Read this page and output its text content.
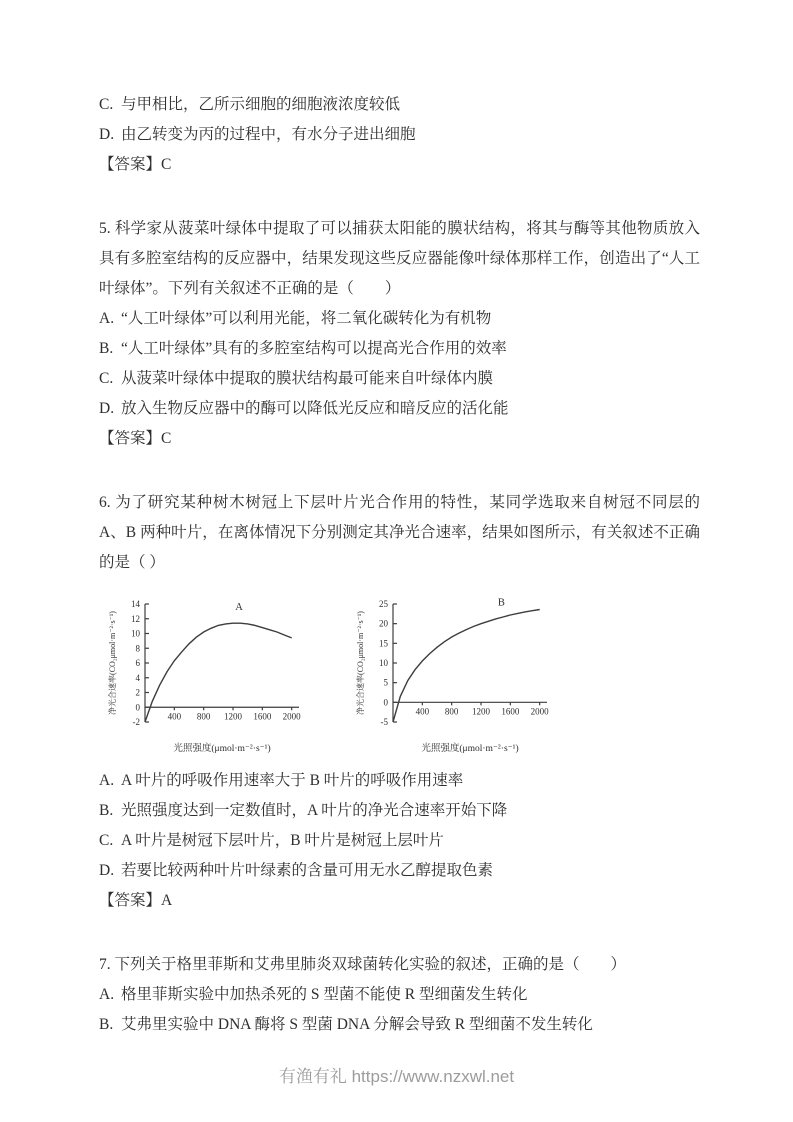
C. 与甲相比，乙所示细胞的细胞液浓度较低

D. 由乙转变为丙的过程中，有水分子进出细胞

【答案】C

5. 科学家从菠菜叶绿体中提取了可以捕获太阳能的膜状结构，将其与酶等其他物质放入具有多腔室结构的反应器中，结果发现这些反应器能像叶绿体那样工作，创造出了“人工叶绿体”。下列有关叙述不正确的是（　　）

A. “人工叶绿体”可以利用光能，将二氧化碳转化为有机物

B. “人工叶绿体”具有的多腔室结构可以提高光合作用的效率

C. 从菠菜叶绿体中提取的膜状结构最可能来自叶绿体内膜

D. 放入生物反应器中的酶可以降低光反应和暗反应的活化能

【答案】C

6. 为了研究某种树木树冠上下层叶片光合作用的特性，某同学选取来自树冠不同层的 A、B 两种叶片，在离体情况下分别测定其净光合速率，结果如图所示，有关叙述不正确的是（ ）

-2
0
2
4
6
8
10
12
14
400 800 1200 1600 2000
A
光照强度(μmol·m⁻²·s⁻¹)
净光合速率(CO₂μmol·m⁻²·s⁻¹)
-5
0
5
10
15
20
25
400 800 1200 1600 2000
B
光照强度(μmol·m⁻²·s⁻¹)
净光合速率(CO₂μmol·m⁻²·s⁻¹)

A. A 叶片的呼吸作用速率大于 B 叶片的呼吸作用速率

B. 光照强度达到一定数值时，A 叶片的净光合速率开始下降

C. A 叶片是树冠下层叶片，B 叶片是树冠上层叶片

D. 若要比较两种叶片叶绿素的含量可用无水乙醇提取色素

【答案】A

7. 下列关于格里菲斯和艾弗里肺炎双球菌转化实验的叙述，正确的是（　　）

A. 格里菲斯实验中加热杀死的 S 型菌不能使 R 型细菌发生转化

B. 艾弗里实验中 DNA 酶将 S 型菌 DNA 分解会导致 R 型细菌不发生转化

有渔有礼 https://www.nzxwl.net
